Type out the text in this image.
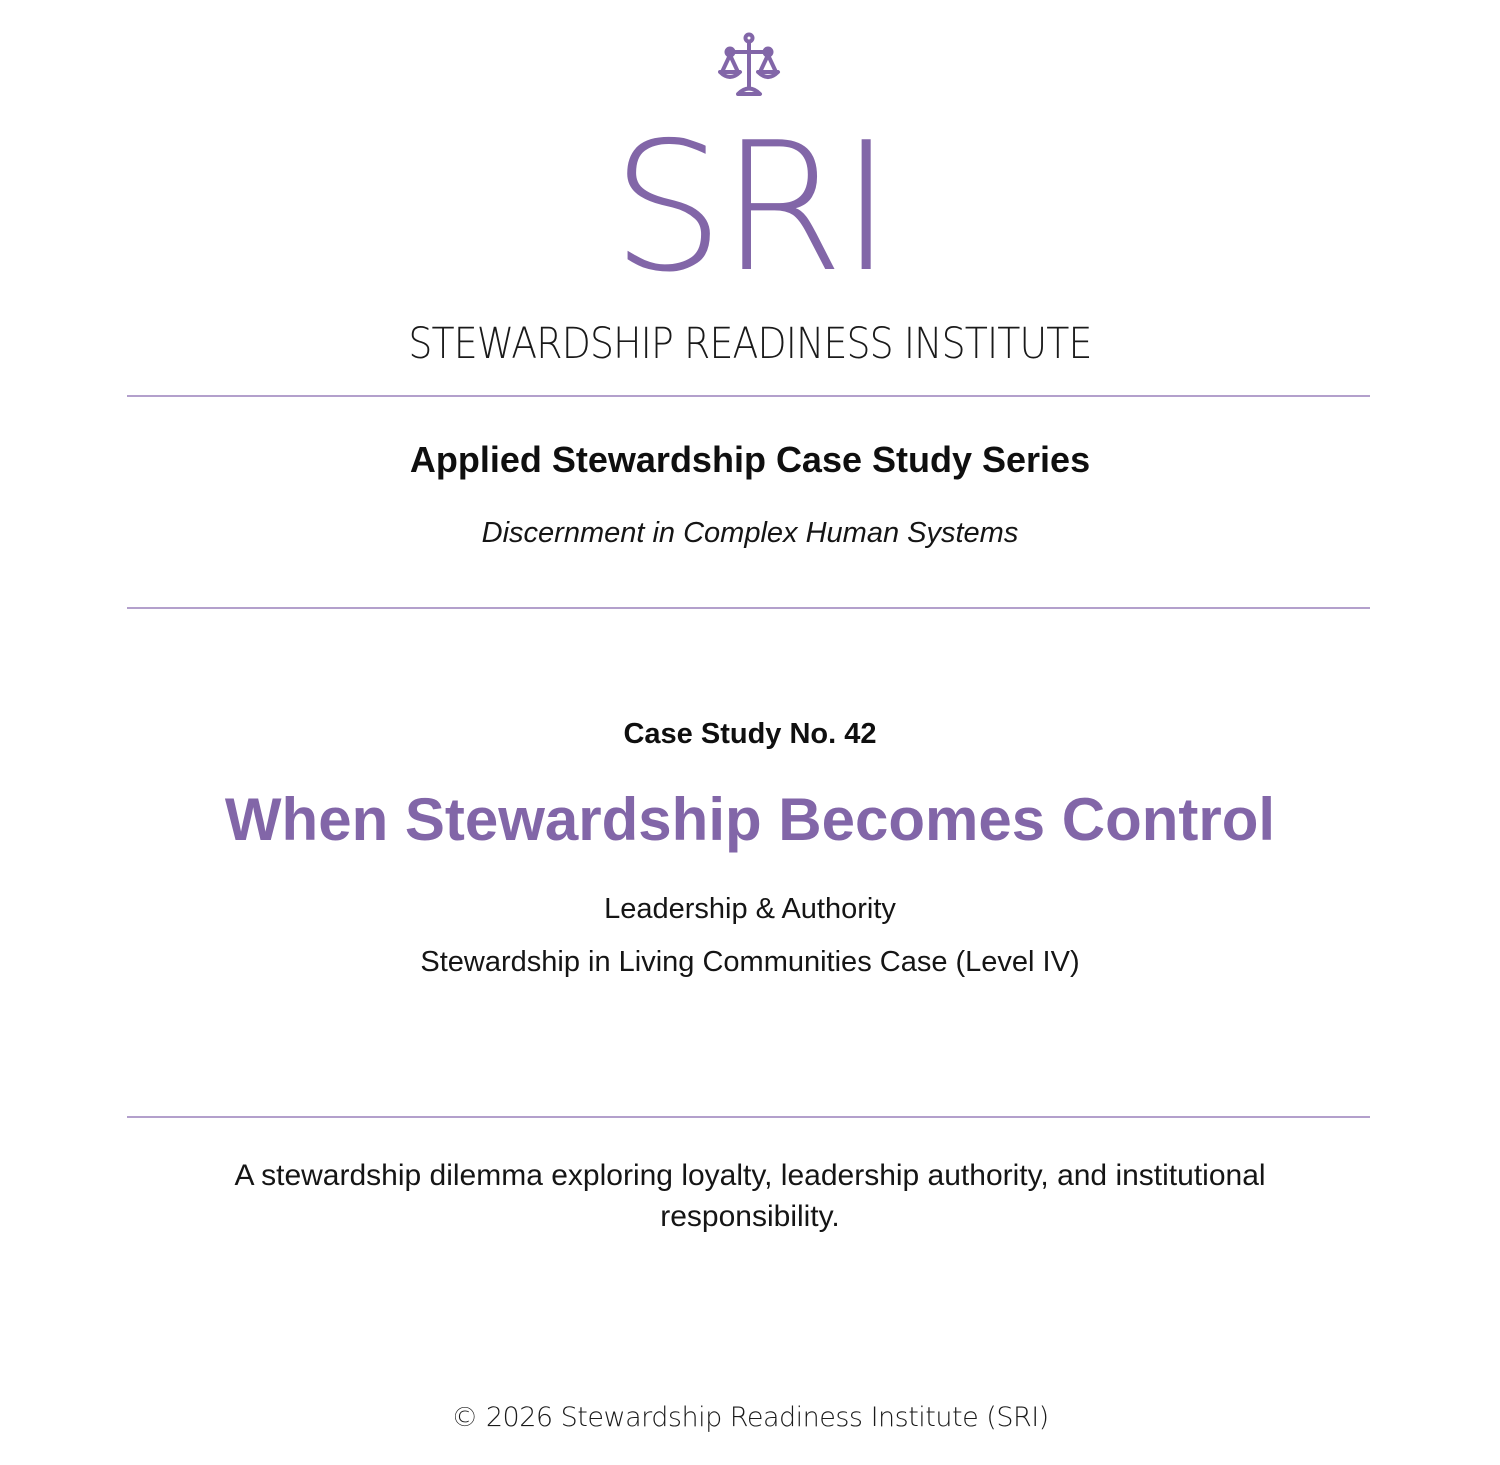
SRI
STEWARDSHIP READINESS INSTITUTE
Applied Stewardship Case Study Series
Discernment in Complex Human Systems
Case Study No. 42
When Stewardship Becomes Control
Leadership & Authority
Stewardship in Living Communities Case (Level IV)
A stewardship dilemma exploring loyalty, leadership authority, and institutional responsibility.
© 2026 Stewardship Readiness Institute (SRI)
